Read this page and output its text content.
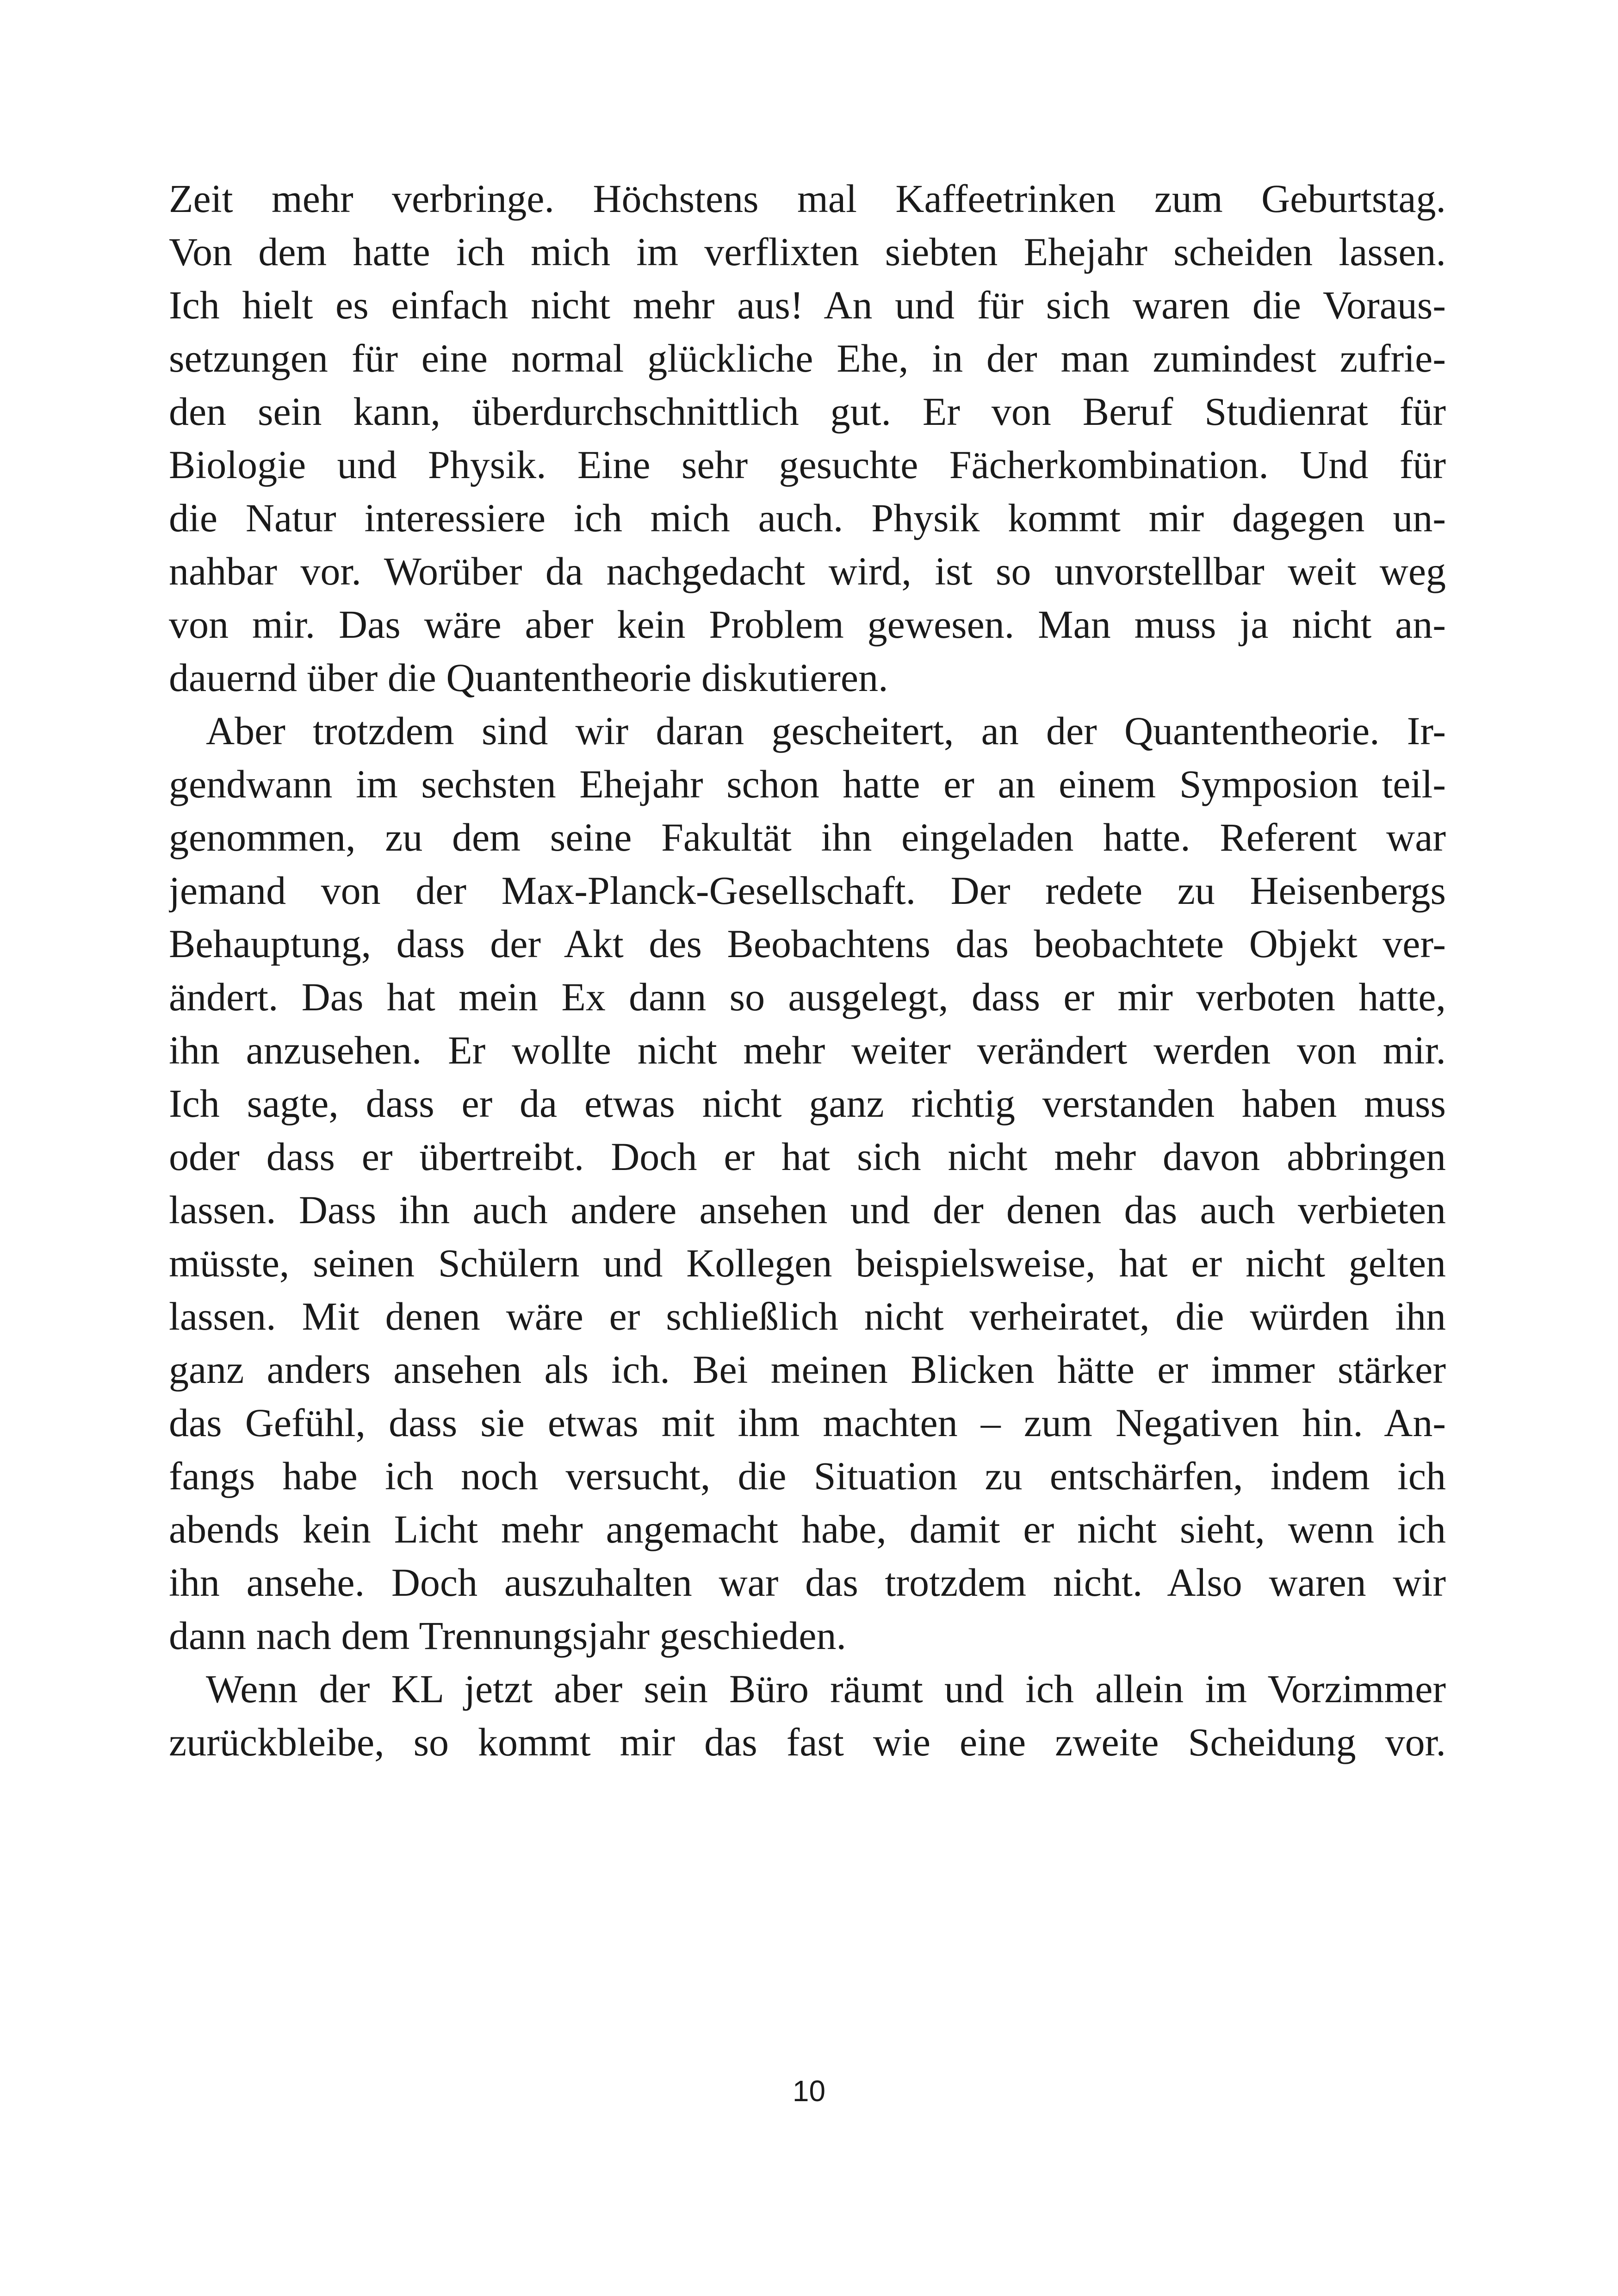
Zeit mehr verbringe. Höchstens mal Kaffeetrinken zum Geburtstag.
Von dem hatte ich mich im verflixten siebten Ehejahr scheiden lassen.
Ich hielt es einfach nicht mehr aus! An und für sich waren die Voraus-
setzungen für eine normal glückliche Ehe, in der man zumindest zufrie-
den sein kann, überdurchschnittlich gut. Er von Beruf Studienrat für
Biologie und Physik. Eine sehr gesuchte Fächerkombination. Und für
die Natur interessiere ich mich auch. Physik kommt mir dagegen un-
nahbar vor. Worüber da nachgedacht wird, ist so unvorstellbar weit weg
von mir. Das wäre aber kein Problem gewesen. Man muss ja nicht an-
dauernd über die Quantentheorie diskutieren.
Aber trotzdem sind wir daran gescheitert, an der Quantentheorie. Ir-
gendwann im sechsten Ehejahr schon hatte er an einem Symposion teil-
genommen, zu dem seine Fakultät ihn eingeladen hatte. Referent war
jemand von der Max-Planck-Gesellschaft. Der redete zu Heisenbergs
Behauptung, dass der Akt des Beobachtens das beobachtete Objekt ver-
ändert. Das hat mein Ex dann so ausgelegt, dass er mir verboten hatte,
ihn anzusehen. Er wollte nicht mehr weiter verändert werden von mir.
Ich sagte, dass er da etwas nicht ganz richtig verstanden haben muss
oder dass er übertreibt. Doch er hat sich nicht mehr davon abbringen
lassen. Dass ihn auch andere ansehen und der denen das auch verbieten
müsste, seinen Schülern und Kollegen beispielsweise, hat er nicht gelten
lassen. Mit denen wäre er schließlich nicht verheiratet, die würden ihn
ganz anders ansehen als ich. Bei meinen Blicken hätte er immer stärker
das Gefühl, dass sie etwas mit ihm machten – zum Negativen hin. An-
fangs habe ich noch versucht, die Situation zu entschärfen, indem ich
abends kein Licht mehr angemacht habe, damit er nicht sieht, wenn ich
ihn ansehe. Doch auszuhalten war das trotzdem nicht. Also waren wir
dann nach dem Trennungsjahr geschieden.
Wenn der KL jetzt aber sein Büro räumt und ich allein im Vorzimmer
zurückbleibe, so kommt mir das fast wie eine zweite Scheidung vor.
10
